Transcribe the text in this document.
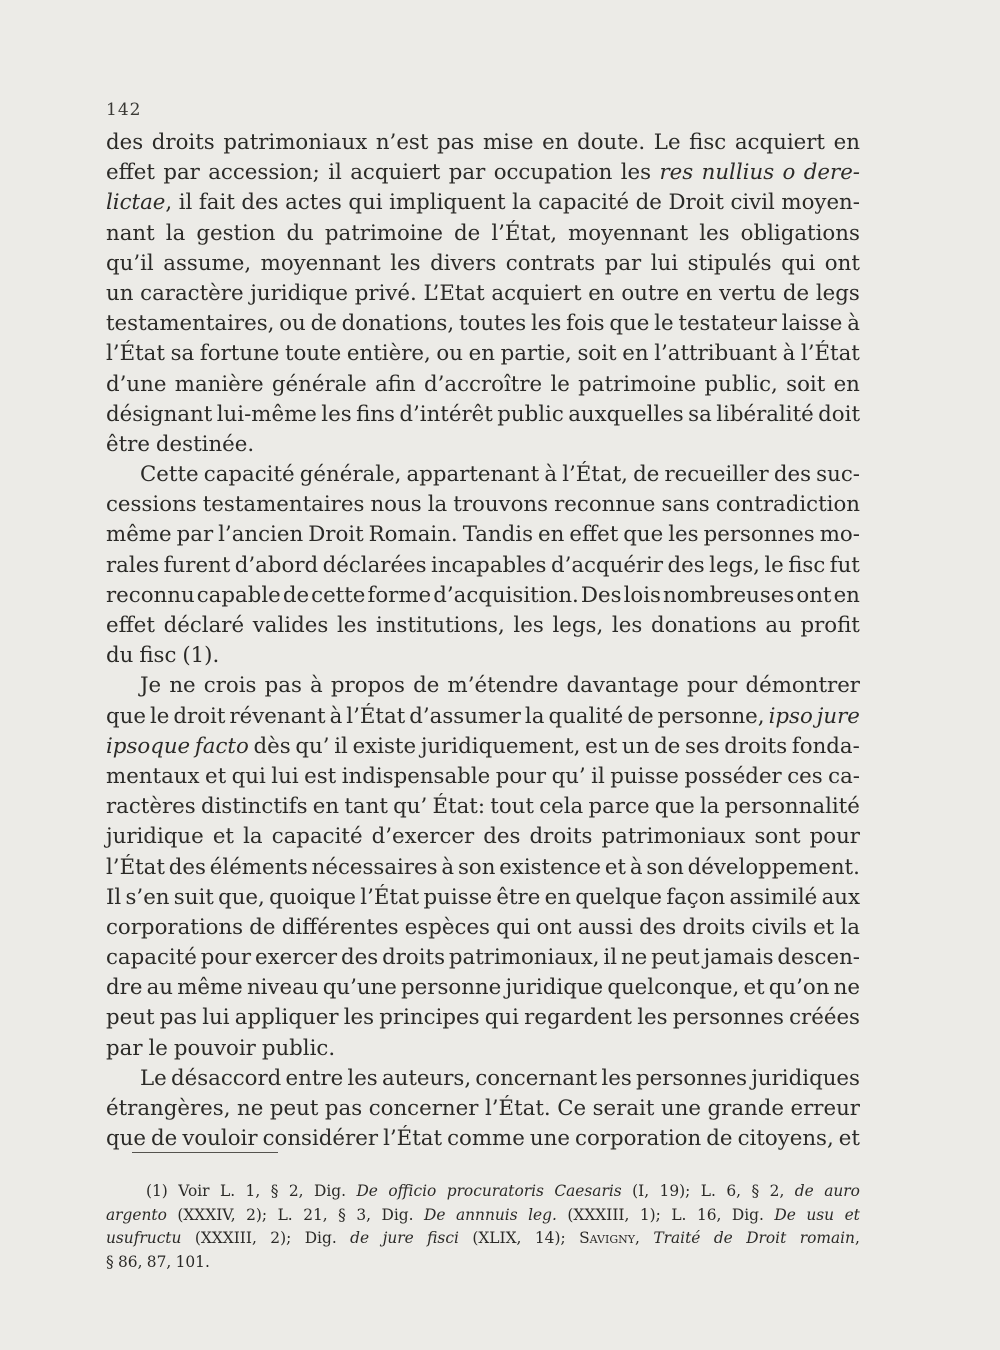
142
des droits patrimoniaux n’est pas mise en doute. Le fisc acquiert en
effet par accession; il acquiert par occupation les res nullius o dere-
lictae, il fait des actes qui impliquent la capacité de Droit civil moyen-
nant la gestion du patrimoine de l’État, moyennant les obligations
qu’il assume, moyennant les divers contrats par lui stipulés qui ont
un caractère juridique privé. L’Etat acquiert en outre en vertu de legs
testamentaires, ou de donations, toutes les fois que le testateur laisse à
l’État sa fortune toute entière, ou en partie, soit en l’attribuant à l’État
d’une manière générale afin d’accroître le patrimoine public, soit en
désignant lui-même les fins d’intérêt public auxquelles sa libéralité doit
être destinée.
Cette capacité générale, appartenant à l’État, de recueiller des suc-
cessions testamentaires nous la trouvons reconnue sans contradiction
même par l’ancien Droit Romain. Tandis en effet que les personnes mo-
rales furent d’abord déclarées incapables d’acquérir des legs, le fisc fut
reconnu capable de cette forme d’acquisition. Des lois nombreuses ont en
effet déclaré valides les institutions, les legs, les donations au profit
du fisc (1).
Je ne crois pas à propos de m’étendre davantage pour démontrer
que le droit révenant à l’État d’assumer la qualité de personne, ipso jure
ipsoque facto dès qu’ il existe juridiquement, est un de ses droits fonda-
mentaux et qui lui est indispensable pour qu’ il puisse posséder ces ca-
ractères distinctifs en tant qu’ État: tout cela parce que la personnalité
juridique et la capacité d’exercer des droits patrimoniaux sont pour
l’État des éléments nécessaires à son existence et à son développement.
Il s’en suit que, quoique l’État puisse être en quelque façon assimilé aux
corporations de différentes espèces qui ont aussi des droits civils et la
capacité pour exercer des droits patrimoniaux, il ne peut jamais descen-
dre au même niveau qu’une personne juridique quelconque, et qu’on ne
peut pas lui appliquer les principes qui regardent les personnes créées
par le pouvoir public.
Le désaccord entre les auteurs, concernant les personnes juridiques
étrangères, ne peut pas concerner l’État. Ce serait une grande erreur
que de vouloir considérer l’État comme une corporation de citoyens, et
(1) Voir L. 1, § 2, Dig. De officio procuratoris Caesaris (I, 19); L. 6, § 2, de auro
argento (XXXIV, 2); L. 21, § 3, Dig. De annnuis leg. (XXXIII, 1); L. 16, Dig. De usu et
usufructu (XXXIII, 2); Dig. de jure fisci (XLIX, 14); Savigny, Traité de Droit romain,
§ 86, 87, 101.
